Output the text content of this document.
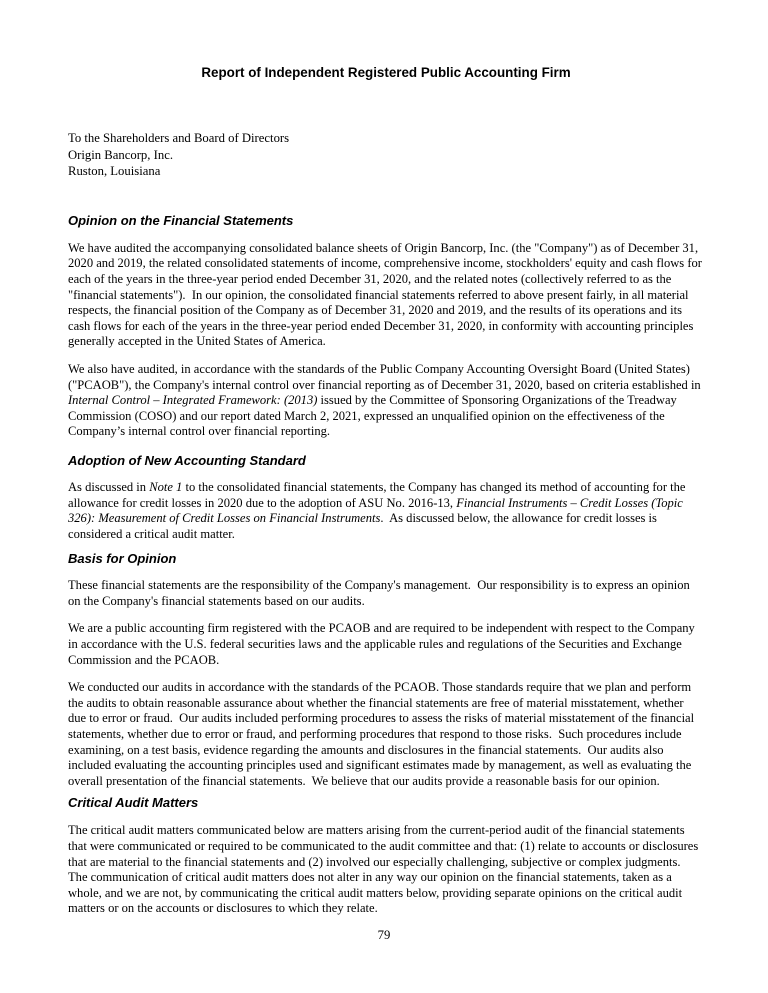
Report of Independent Registered Public Accounting Firm
To the Shareholders and Board of Directors
Origin Bancorp, Inc.
Ruston, Louisiana
Opinion on the Financial Statements

We have audited the accompanying consolidated balance sheets of Origin Bancorp, Inc. (the "Company") as of December 31, 2020 and 2019, the related consolidated statements of income, comprehensive income, stockholders' equity and cash flows for each of the years in the three-year period ended December 31, 2020, and the related notes (collectively referred to as the "financial statements").  In our opinion, the consolidated financial statements referred to above present fairly, in all material respects, the financial position of the Company as of December 31, 2020 and 2019, and the results of its operations and its cash flows for each of the years in the three-year period ended December 31, 2020, in conformity with accounting principles generally accepted in the United States of America.

We also have audited, in accordance with the standards of the Public Company Accounting Oversight Board (United States) ("PCAOB"), the Company's internal control over financial reporting as of December 31, 2020, based on criteria established in Internal Control – Integrated Framework: (2013) issued by the Committee of Sponsoring Organizations of the Treadway Commission (COSO) and our report dated March 2, 2021, expressed an unqualified opinion on the effectiveness of the Company’s internal control over financial reporting.

Adoption of New Accounting Standard

As discussed in Note 1 to the consolidated financial statements, the Company has changed its method of accounting for the allowance for credit losses in 2020 due to the adoption of ASU No. 2016-13, Financial Instruments – Credit Losses (Topic 326): Measurement of Credit Losses on Financial Instruments.  As discussed below, the allowance for credit losses is considered a critical audit matter.

Basis for Opinion

These financial statements are the responsibility of the Company's management.  Our responsibility is to express an opinion on the Company's financial statements based on our audits.

We are a public accounting firm registered with the PCAOB and are required to be independent with respect to the Company in accordance with the U.S. federal securities laws and the applicable rules and regulations of the Securities and Exchange Commission and the PCAOB.

We conducted our audits in accordance with the standards of the PCAOB. Those standards require that we plan and perform the audits to obtain reasonable assurance about whether the financial statements are free of material misstatement, whether due to error or fraud.  Our audits included performing procedures to assess the risks of material misstatement of the financial statements, whether due to error or fraud, and performing procedures that respond to those risks.  Such procedures include examining, on a test basis, evidence regarding the amounts and disclosures in the financial statements.  Our audits also included evaluating the accounting principles used and significant estimates made by management, as well as evaluating the overall presentation of the financial statements.  We believe that our audits provide a reasonable basis for our opinion.

Critical Audit Matters

The critical audit matters communicated below are matters arising from the current-period audit of the financial statements that were communicated or required to be communicated to the audit committee and that: (1) relate to accounts or disclosures that are material to the financial statements and (2) involved our especially challenging, subjective or complex judgments.  The communication of critical audit matters does not alter in any way our opinion on the financial statements, taken as a whole, and we are not, by communicating the critical audit matters below, providing separate opinions on the critical audit matters or on the accounts or disclosures to which they relate.

79
